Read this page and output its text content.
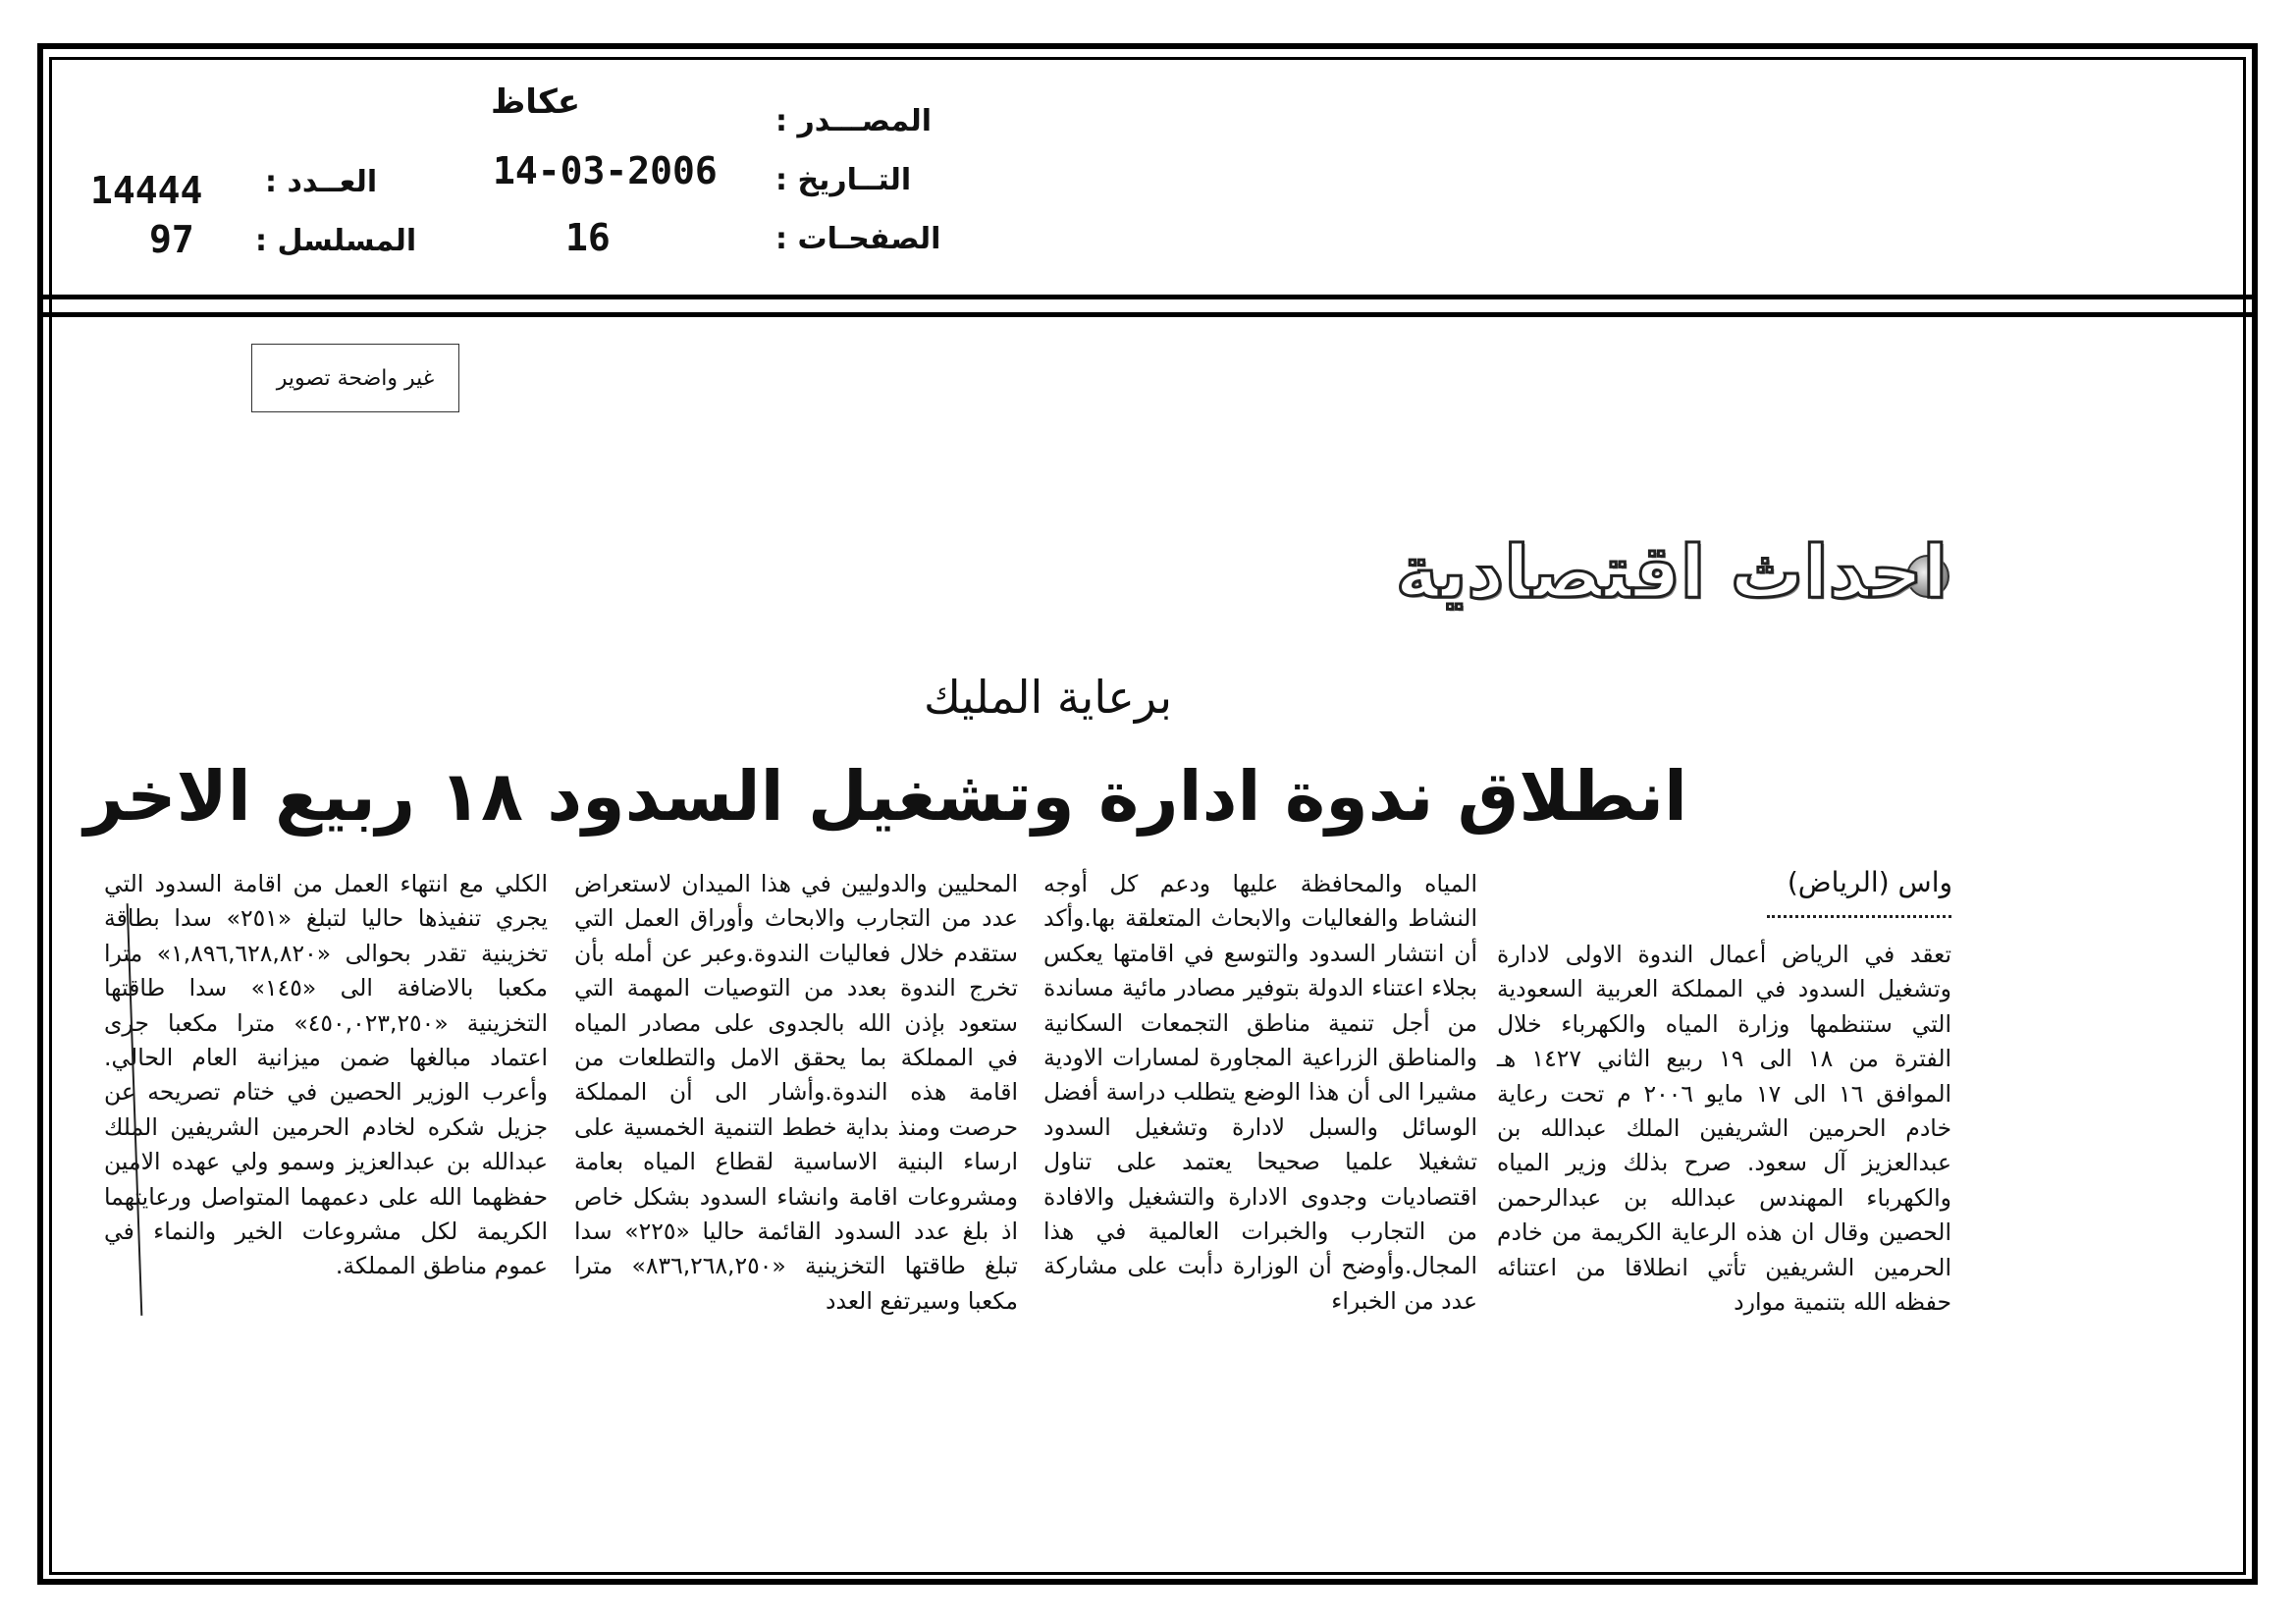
المصـــدر :
عكاظ
التــاريخ :
14-03-2006
الصفحـات :
16
العــدد :
14444
المسلسل :
97
غير واضحة تصوير
احداث اقتصادية
برعاية المليك
انطلاق ندوة ادارة وتشغيل السدود ١٨ ربيع الاخر
واس (الرياض)

تعقد في الرياض أعمال الندوة الاولى لادارة وتشغيل السدود في المملكة العربية السعودية التي ستنظمها وزارة المياه والكهرباء خلال الفترة من ١٨ الى ١٩ ربيع الثاني ١٤٢٧ هـ الموافق ١٦ الى ١٧ مايو ٢٠٠٦ م تحت رعاية خادم الحرمين الشريفين الملك عبدالله بن عبدالعزيز آل سعود. صرح بذلك وزير المياه والكهرباء المهندس عبدالله بن عبدالرحمن الحصين وقال ان هذه الرعاية الكريمة من خادم الحرمين الشريفين تأتي انطلاقا من اعتنائه حفظه الله بتنمية موارد

المياه والمحافظة عليها ودعم كل أوجه النشاط والفعاليات والابحاث المتعلقة بها.وأكد أن انتشار السدود والتوسع في اقامتها يعكس بجلاء اعتناء الدولة بتوفير مصادر مائية مساندة من أجل تنمية مناطق التجمعات السكانية والمناطق الزراعية المجاورة لمسارات الاودية مشيرا الى أن هذا الوضع يتطلب دراسة أفضل الوسائل والسبل لادارة وتشغيل السدود تشغيلا علميا صحيحا يعتمد على تناول اقتصاديات وجدوى الادارة والتشغيل والافادة من التجارب والخبرات العالمية في هذا المجال.وأوضح أن الوزارة دأبت على مشاركة عدد من الخبراء

المحليين والدوليين في هذا الميدان لاستعراض عدد من التجارب والابحاث وأوراق العمل التي ستقدم خلال فعاليات الندوة.وعبر عن أمله بأن تخرج الندوة بعدد من التوصيات المهمة التي ستعود بإذن الله بالجدوى على مصادر المياه في المملكة بما يحقق الامل والتطلعات من اقامة هذه الندوة.وأشار الى أن المملكة حرصت ومنذ بداية خطط التنمية الخمسية على ارساء البنية الاساسية لقطاع المياه بعامة ومشروعات اقامة وانشاء السدود بشكل خاص اذ بلغ عدد السدود القائمة حاليا «٢٢٥» سدا تبلغ طاقتها التخزينية «٨٣٦,٢٦٨,٢٥٠» مترا مكعبا وسيرتفع العدد

الكلي مع انتهاء العمل من اقامة السدود التي يجري تنفيذها حاليا لتبلغ «٢٥١» سدا بطاقة تخزينية تقدر بحوالى «١,٨٩٦,٦٢٨,٨٢٠» مترا مكعبا بالاضافة الى «١٤٥» سدا طاقتها التخزينية «٤٥٠,٠٢٣,٢٥٠» مترا مكعبا جرى اعتماد مبالغها ضمن ميزانية العام الحالي. وأعرب الوزير الحصين في ختام تصريحه عن جزيل شكره لخادم الحرمين الشريفين الملك عبدالله بن عبدالعزيز وسمو ولي عهده الامين حفظهما الله على دعمهما المتواصل ورعايتهما الكريمة لكل مشروعات الخير والنماء في عموم مناطق المملكة.
